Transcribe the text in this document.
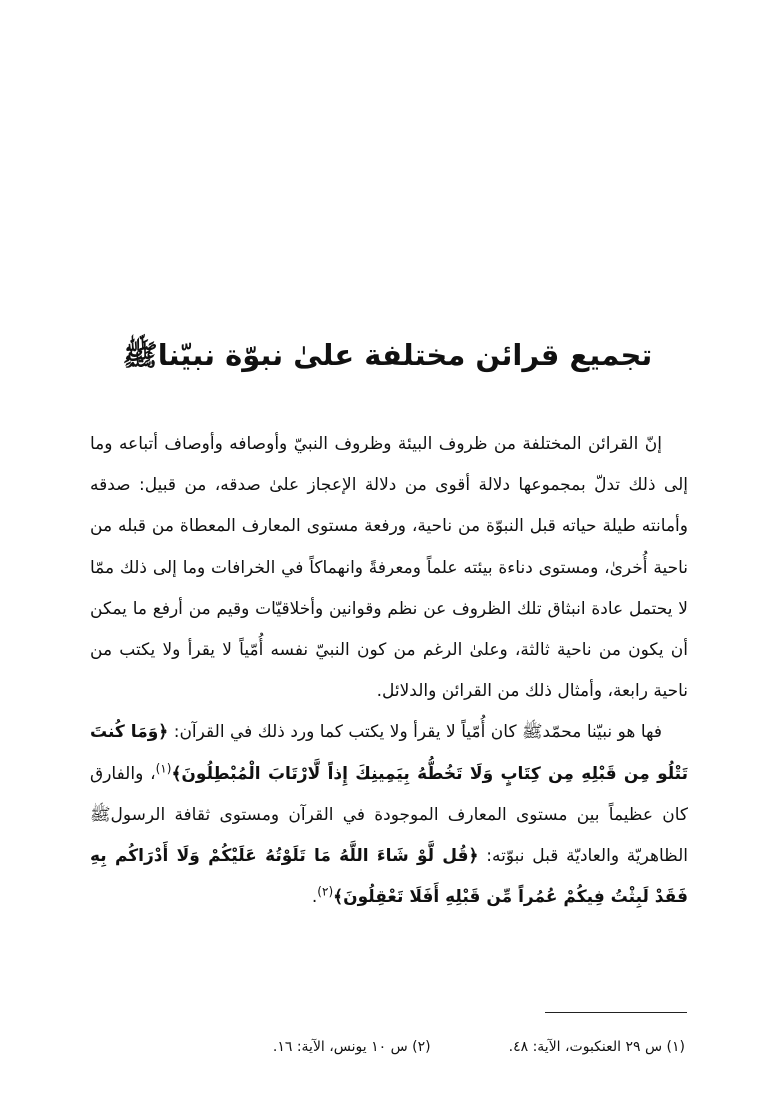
تجميع قرائن مختلفة علىٰ نبوّة نبيّناﷺ

إنّ القرائن المختلفة من ظروف البيئة وظروف النبيّ وأوصافه وأوصاف أتباعه وما إلى ذلك تدلّ بمجموعها دلالة أقوى من دلالة الإعجاز علىٰ صدقه، من قبيل: صدقه وأمانته طيلة حياته قبل النبوّة من ناحية، ورفعة مستوى المعارف المعطاة من قبله من ناحية أُخرىٰ، ومستوى دناءة بيئته علماً ومعرفةً وانهماكاً في الخرافات وما إلى ذلك ممّا لا يحتمل عادة انبثاق تلك الظروف عن نظم وقوانين وأخلاقيّات وقيم من أرفع ما يمكن أن يكون من ناحية ثالثة، وعلىٰ الرغم من كون النبيّ نفسه أُمّياً لا يقرأ ولا يكتب من ناحية رابعة، وأمثال ذلك من القرائن والدلائل.

فها هو نبيّنا محمّدﷺ كان أُمّياً لا يقرأ ولا يكتب كما ورد ذلك في القرآن: ﴿وَمَا كُنتَ تَتْلُو مِن قَبْلِهِ مِن كِتَابٍ وَلَا تَخُطُّهُ بِيَمِينِكَ إِذاً لَّارْتَابَ الْمُبْطِلُونَ﴾$^{(١)}$، والفارق كان عظيماً بين مستوى المعارف الموجودة في القرآن ومستوى ثقافة الرسولﷺ الظاهريّة والعاديّة قبل نبوّته: ﴿قُل لَّوْ شَاءَ اللَّهُ مَا تَلَوْتُهُ عَلَيْكُمْ وَلَا أَدْرَاكُم بِهِ فَقَدْ لَبِثْتُ فِيكُمْ عُمُراً مِّن قَبْلِهِ أَفَلَا تَعْقِلُونَ﴾$^{(٢)}$.

(١) س ٢٩ العنكبوت، الآية: ٤٨.
(٢) س ١٠ يونس، الآية: ١٦.
